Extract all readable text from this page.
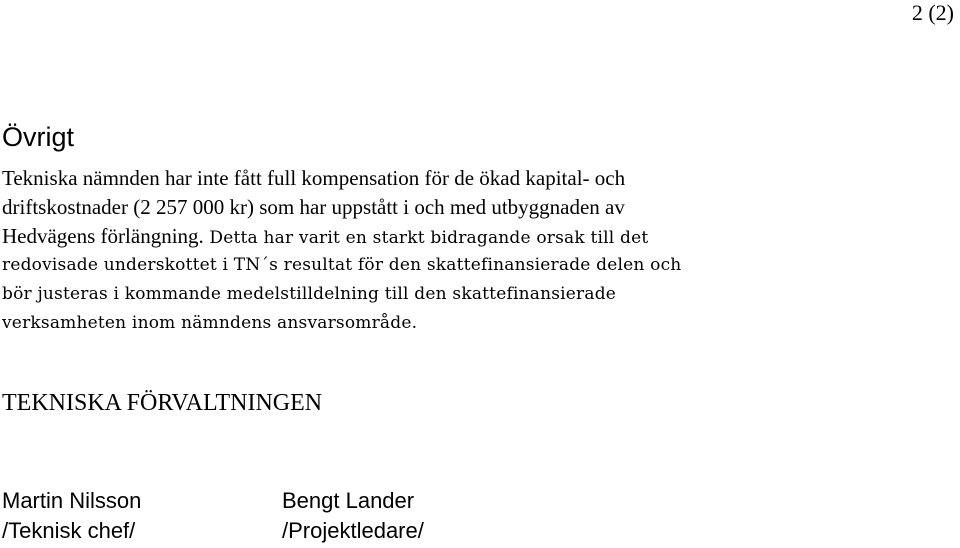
2 (2)
Övrigt
Tekniska nämnden har inte fått full kompensation för de ökad kapital- och
driftskostnader (2 257 000 kr) som har uppstått i och med utbyggnaden av
Hedvägens förlängning. Detta har varit en starkt bidragande orsak till det
redovisade underskottet i TN´s resultat för den skattefinansierade delen och
bör justeras i kommande medelstilldelning till den skattefinansierade
verksamheten inom nämndens ansvarsområde.
TEKNISKA FÖRVALTNINGEN
Martin Nilsson
/Teknisk chef/
Bengt Lander
/Projektledare/
